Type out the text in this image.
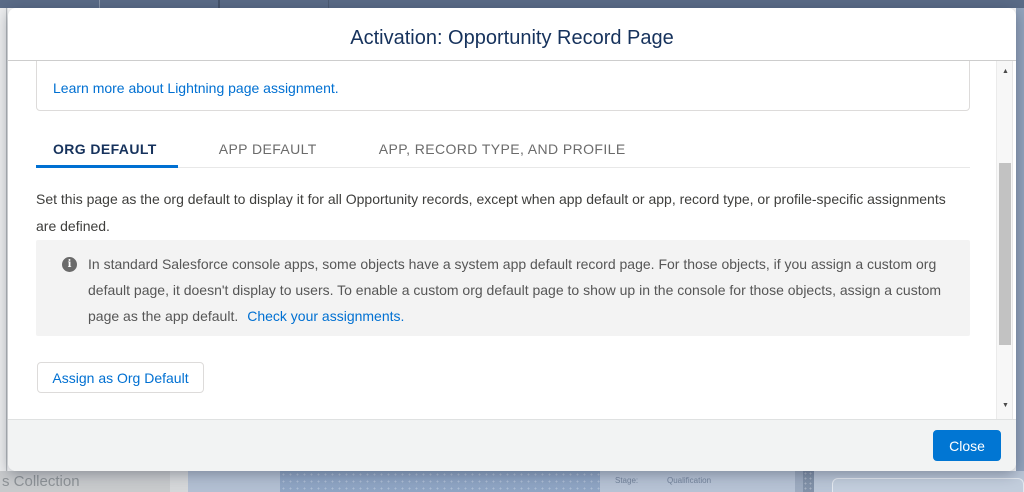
s Collection	Stage:	Qualification
Activation: Opportunity Record Page
Learn more about Lightning page assignment.
ORG DEFAULT	APP DEFAULT	APP, RECORD TYPE, AND PROFILE
Set this page as the org default to display it for all Opportunity records, except when app default or app, record type, or profile-specific assignments are defined.
i	In standard Salesforce console apps, some objects have a system app default record page. For those objects, if you assign a custom org default page, it doesn't display to users. To enable a custom org default page to show up in the console for those objects, assign a custom page as the app default. Check your assignments.
Assign as Org Default
▲
▼
Close
